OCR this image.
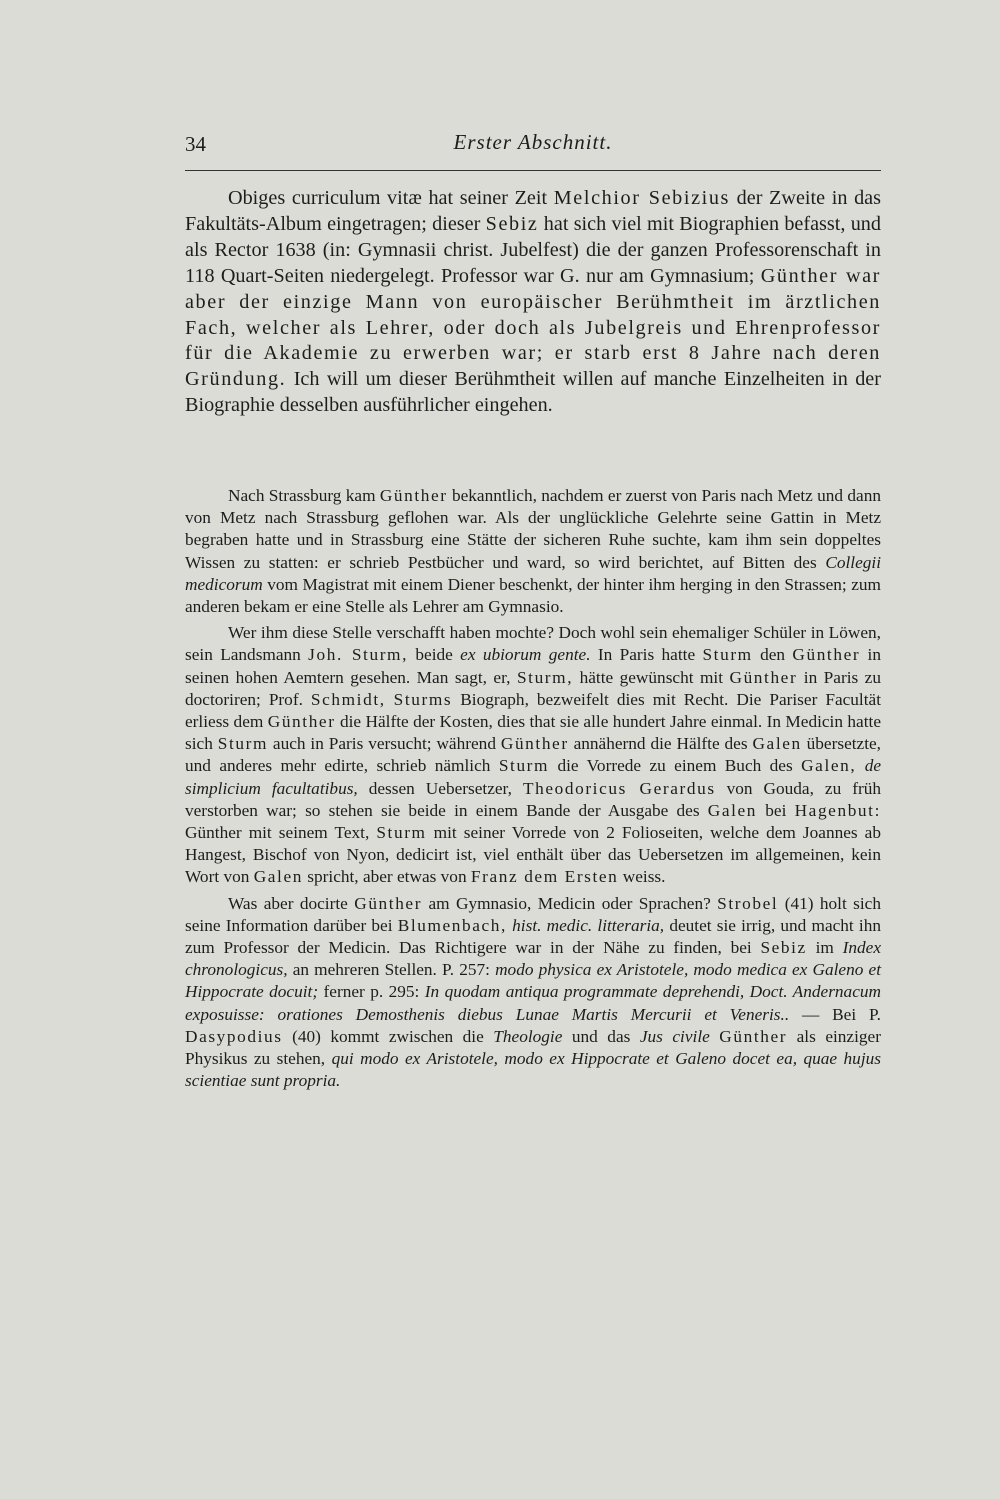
34	Erster Abschnitt.

Obiges curriculum vitæ hat seiner Zeit Melchior Sebizius der Zweite in das Fakultäts-Album eingetragen; dieser Sebiz hat sich viel mit Biographien befasst, und als Rector 1638 (in: Gymnasii christ. Jubelfest) die der ganzen Professorenschaft in 118 Quart-Seiten niedergelegt. Professor war G. nur am Gymnasium; Günther war aber der einzige Mann von europäischer Berühmtheit im ärztlichen Fach, welcher als Lehrer, oder doch als Jubelgreis und Ehrenprofessor für die Akademie zu erwerben war; er starb erst 8 Jahre nach deren Gründung. Ich will um dieser Berühmtheit willen auf manche Einzelheiten in der Biographie desselben ausführlicher eingehen.

Nach Strassburg kam Günther bekanntlich, nachdem er zuerst von Paris nach Metz und dann von Metz nach Strassburg geflohen war. Als der unglückliche Gelehrte seine Gattin in Metz begraben hatte und in Strassburg eine Stätte der sicheren Ruhe suchte, kam ihm sein doppeltes Wissen zu statten: er schrieb Pestbücher und ward, so wird berichtet, auf Bitten des Collegii medicorum vom Magistrat mit einem Diener beschenkt, der hinter ihm herging in den Strassen; zum anderen bekam er eine Stelle als Lehrer am Gymnasio.

Wer ihm diese Stelle verschafft haben mochte? Doch wohl sein ehemaliger Schüler in Löwen, sein Landsmann Joh. Sturm, beide ex ubiorum gente. In Paris hatte Sturm den Günther in seinen hohen Aemtern gesehen. Man sagt, er, Sturm, hätte gewünscht mit Günther in Paris zu doctoriren; Prof. Schmidt, Sturms Biograph, bezweifelt dies mit Recht. Die Pariser Facultät erliess dem Günther die Hälfte der Kosten, dies that sie alle hundert Jahre einmal. In Medicin hatte sich Sturm auch in Paris versucht; während Günther annähernd die Hälfte des Galen übersetzte, und anderes mehr edirte, schrieb nämlich Sturm die Vorrede zu einem Buch des Galen, de simplicium facultatibus, dessen Uebersetzer, Theodoricus Gerardus von Gouda, zu früh verstorben war; so stehen sie beide in einem Bande der Ausgabe des Galen bei Hagenbut: Günther mit seinem Text, Sturm mit seiner Vorrede von 2 Folioseiten, welche dem Joannes ab Hangest, Bischof von Nyon, dedicirt ist, viel enthält über das Uebersetzen im allgemeinen, kein Wort von Galen spricht, aber etwas von Franz dem Ersten weiss.

Was aber docirte Günther am Gymnasio, Medicin oder Sprachen? Strobel (41) holt sich seine Information darüber bei Blumenbach, hist. medic. litteraria, deutet sie irrig, und macht ihn zum Professor der Medicin. Das Richtigere war in der Nähe zu finden, bei Sebiz im Index chronologicus, an mehreren Stellen. P. 257: modo physica ex Aristotele, modo medica ex Galeno et Hippocrate docuit; ferner p. 295: In quodam antiqua programmate deprehendi, Doct. Andernacum exposuisse: orationes Demosthenis diebus Lunae Martis Mercurii et Veneris.. — Bei P. Dasypodius (40) kommt zwischen die Theologie und das Jus civile Günther als einziger Physikus zu stehen, qui modo ex Aristotele, modo ex Hippocrate et Galeno docet ea, quae hujus scientiae sunt propria.
